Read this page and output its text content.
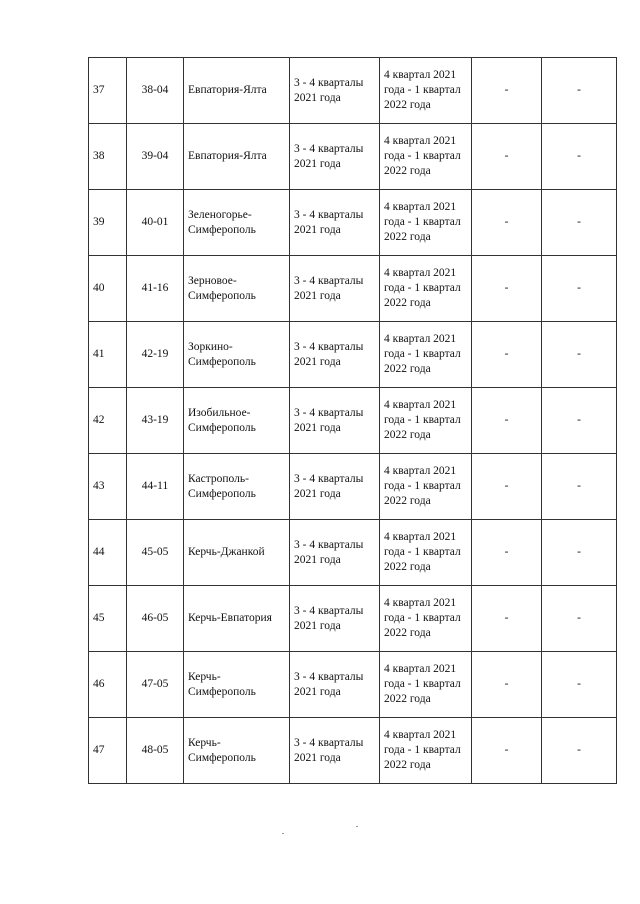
37	38-04	Евпатория-Ялта	3 - 4 кварталы 2021 года	4 квартал 2021 года - 1 квартал 2022 года	-	-
38	39-04	Евпатория-Ялта	3 - 4 кварталы 2021 года	4 квартал 2021 года - 1 квартал 2022 года	-	-
39	40-01	Зеленогорье-Симферополь	3 - 4 кварталы 2021 года	4 квартал 2021 года - 1 квартал 2022 года	-	-
40	41-16	Зерновое-Симферополь	3 - 4 кварталы 2021 года	4 квартал 2021 года - 1 квартал 2022 года	-	-
41	42-19	Зоркино-Симферополь	3 - 4 кварталы 2021 года	4 квартал 2021 года - 1 квартал 2022 года	-	-
42	43-19	Изобильное-Симферополь	3 - 4 кварталы 2021 года	4 квартал 2021 года - 1 квартал 2022 года	-	-
43	44-11	Кастрополь-Симферополь	3 - 4 кварталы 2021 года	4 квартал 2021 года - 1 квартал 2022 года	-	-
44	45-05	Керчь-Джанкой	3 - 4 кварталы 2021 года	4 квартал 2021 года - 1 квартал 2022 года	-	-
45	46-05	Керчь-Евпатория	3 - 4 кварталы 2021 года	4 квартал 2021 года - 1 квартал 2022 года	-	-
46	47-05	Керчь-Симферополь	3 - 4 кварталы 2021 года	4 квартал 2021 года - 1 квартал 2022 года	-	-
47	48-05	Керчь-Симферополь	3 - 4 кварталы 2021 года	4 квартал 2021 года - 1 квартал 2022 года	-	-
